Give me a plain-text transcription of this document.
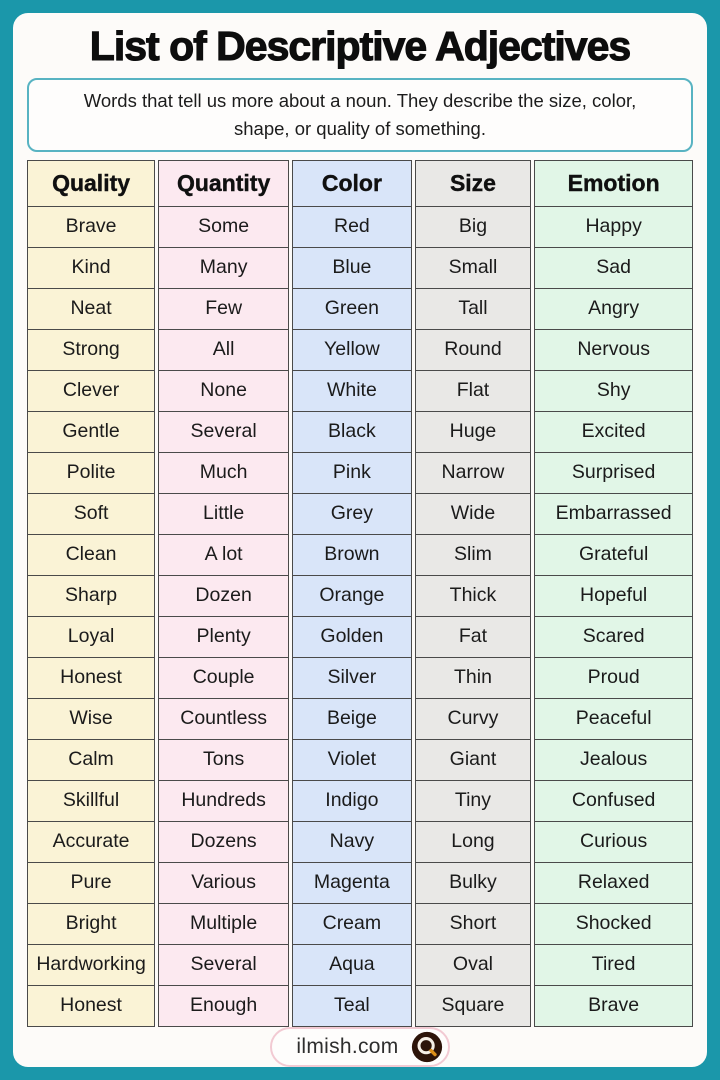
List of Descriptive Adjectives

Words that tell us more about a noun. They describe the size, color, shape, or quality of something.

Quality
Brave
Kind
Neat
Strong
Clever
Gentle
Polite
Soft
Clean
Sharp
Loyal
Honest
Wise
Calm
Skillful
Accurate
Pure
Bright
Hardworking
Honest
Quantity
Some
Many
Few
All
None
Several
Much
Little
A lot
Dozen
Plenty
Couple
Countless
Tons
Hundreds
Dozens
Various
Multiple
Several
Enough
Color
Red
Blue
Green
Yellow
White
Black
Pink
Grey
Brown
Orange
Golden
Silver
Beige
Violet
Indigo
Navy
Magenta
Cream
Aqua
Teal
Size
Big
Small
Tall
Round
Flat
Huge
Narrow
Wide
Slim
Thick
Fat
Thin
Curvy
Giant
Tiny
Long
Bulky
Short
Oval
Square
Emotion
Happy
Sad
Angry
Nervous
Shy
Excited
Surprised
Embarrassed
Grateful
Hopeful
Scared
Proud
Peaceful
Jealous
Confused
Curious
Relaxed
Shocked
Tired
Brave
ilmish.com
